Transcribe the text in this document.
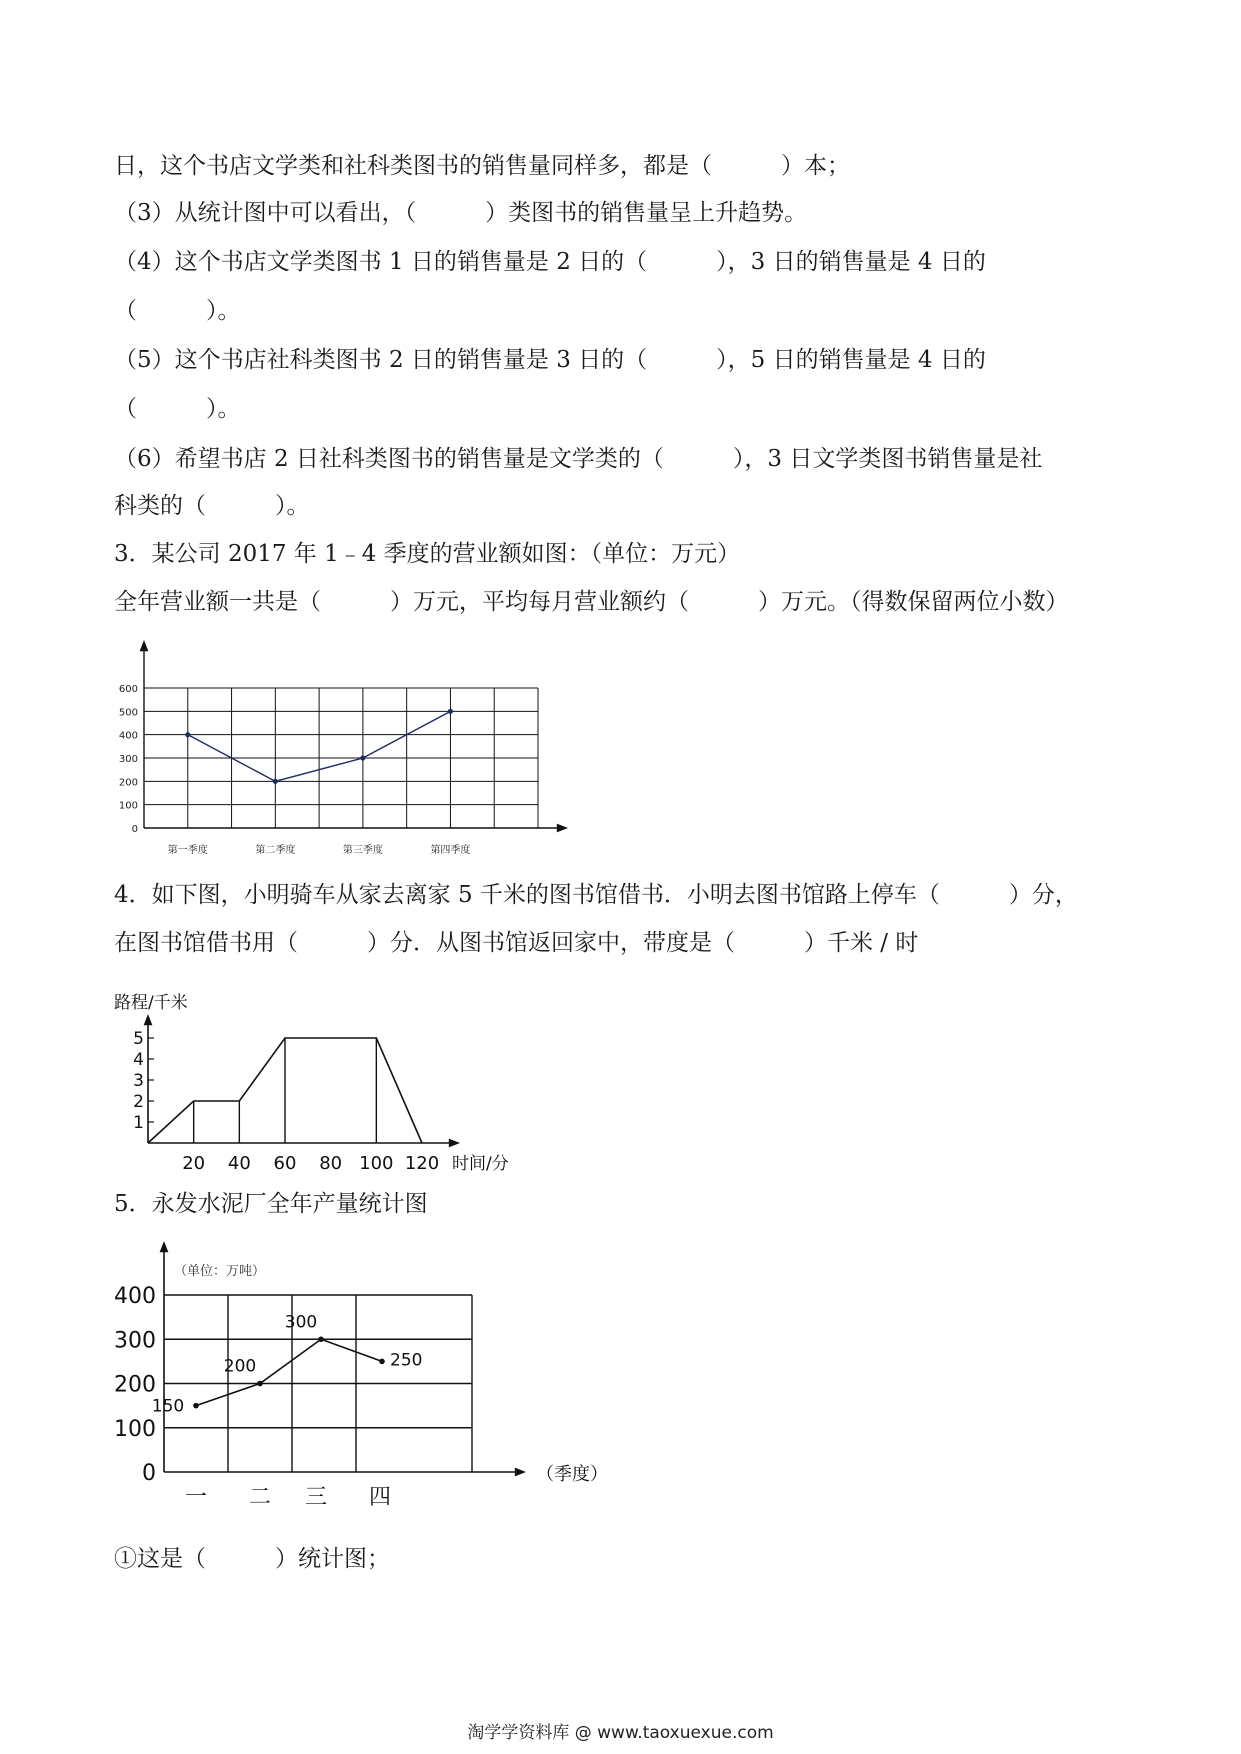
日，这个书店文学类和社科类图书的销售量同样多，都是（　　　）本；
（3）从统计图中可以看出，（　　　）类图书的销售量呈上升趋势。
（4）这个书店文学类图书 1 日的销售量是 2 日的（　　　），3 日的销售量是 4 日的
（　　　）。
（5）这个书店社科类图书 2 日的销售量是 3 日的（　　　），5 日的销售量是 4 日的
（　　　）。
（6）希望书店 2 日社科类图书的销售量是文学类的（　　　），3 日文学类图书销售量是社
科类的（　　　）。
3．某公司 2017 年 1﹣4 季度的营业额如图：（单位：万元）
全年营业额一共是（　　　）万元，平均每月营业额约（　　　）万元。（得数保留两位小数）
4．如下图，小明骑车从家去离家 5 千米的图书馆借书．小明去图书馆路上停车（　　　）分，
在图书馆借书用（　　　）分．从图书馆返回家中，带度是（　　　）千米 / 时
5．永发水泥厂全年产量统计图
①这是（　　　）统计图；
0
100
200
300
400
500
600
第一季度	第二季度	第三季度	第四季度
路程/千米
1
2
3
4
5
20 40 60 80 100 120 时间/分
（单位：万吨）
0
100
200
300
400
150
200
300
250
一 二 三 四
（季度）
淘学学资料库 @ www.taoxuexue.com
